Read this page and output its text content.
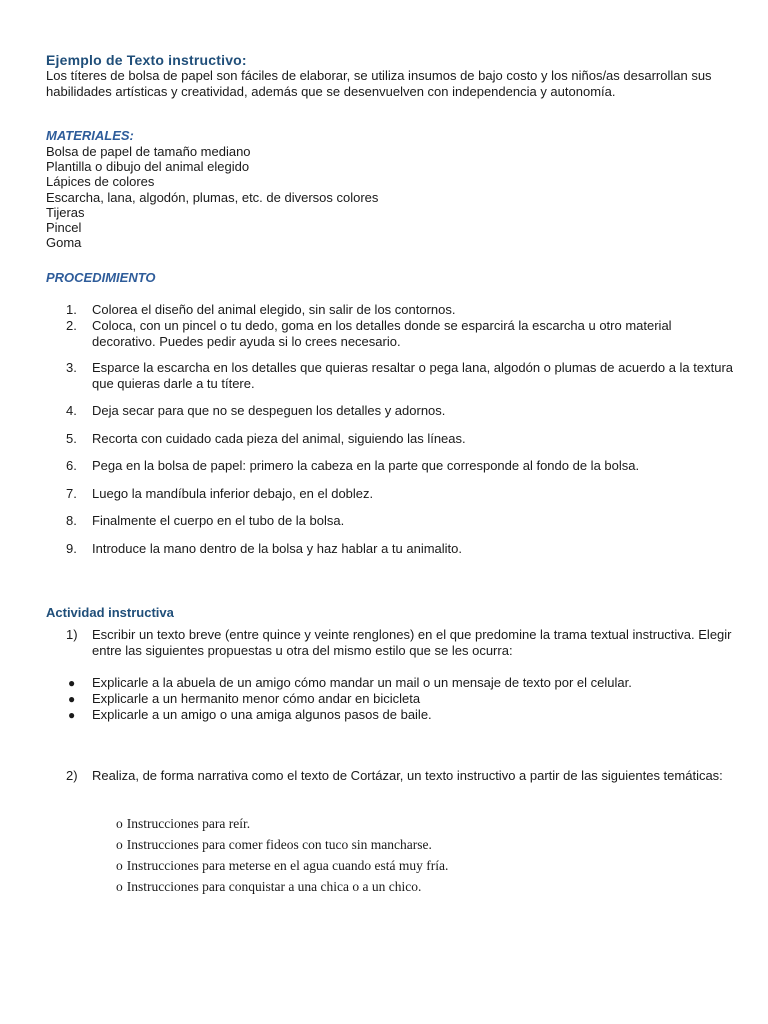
Ejemplo de Texto instructivo:

Los títeres de bolsa de papel son fáciles de elaborar, se utiliza insumos de bajo costo y los niños/as desarrollan sus habilidades artísticas y creatividad, además que se desenvuelven con independencia y autonomía.

MATERIALES:
Bolsa de papel de tamaño mediano
Plantilla o dibujo del animal elegido
Lápices de colores
Escarcha, lana, algodón, plumas, etc. de diversos colores
Tijeras
Pincel
Goma
PROCEDIMIENTO
1.	Colorea el diseño del animal elegido, sin salir de los contornos.
2.	Coloca, con un pincel o tu dedo, goma en los detalles donde se esparcirá la escarcha u otro material decorativo. Puedes pedir ayuda si lo crees necesario.
3.	Esparce la escarcha en los detalles que quieras resaltar o pega lana, algodón o plumas de acuerdo a la textura que quieras darle a tu títere.
4.	Deja secar para que no se despeguen los detalles y adornos.
5.	Recorta con cuidado cada pieza del animal, siguiendo las líneas.
6.	Pega en la bolsa de papel: primero la cabeza en la parte que corresponde al fondo de la bolsa.
7.	Luego la mandíbula inferior debajo, en el doblez.
8.	Finalmente el cuerpo en el tubo de la bolsa.
9.	Introduce la mano dentro de la bolsa y haz hablar a tu animalito.
Actividad instructiva
1)	Escribir un texto breve (entre quince y veinte renglones) en el que predomine la trama textual instructiva. Elegir entre las siguientes propuestas u otra del mismo estilo que se les ocurra:
● Explicarle a la abuela de un amigo cómo mandar un mail o un mensaje de texto por el celular.
● Explicarle a un hermanito menor cómo andar en bicicleta
● Explicarle a un amigo o una amiga algunos pasos de baile.
2)	Realiza, de forma narrativa como el texto de Cortázar, un texto instructivo a partir de las siguientes temáticas:
o Instrucciones para reír.
o Instrucciones para comer fideos con tuco sin mancharse.
o Instrucciones para meterse en el agua cuando está muy fría.
o Instrucciones para conquistar a una chica o a un chico.
